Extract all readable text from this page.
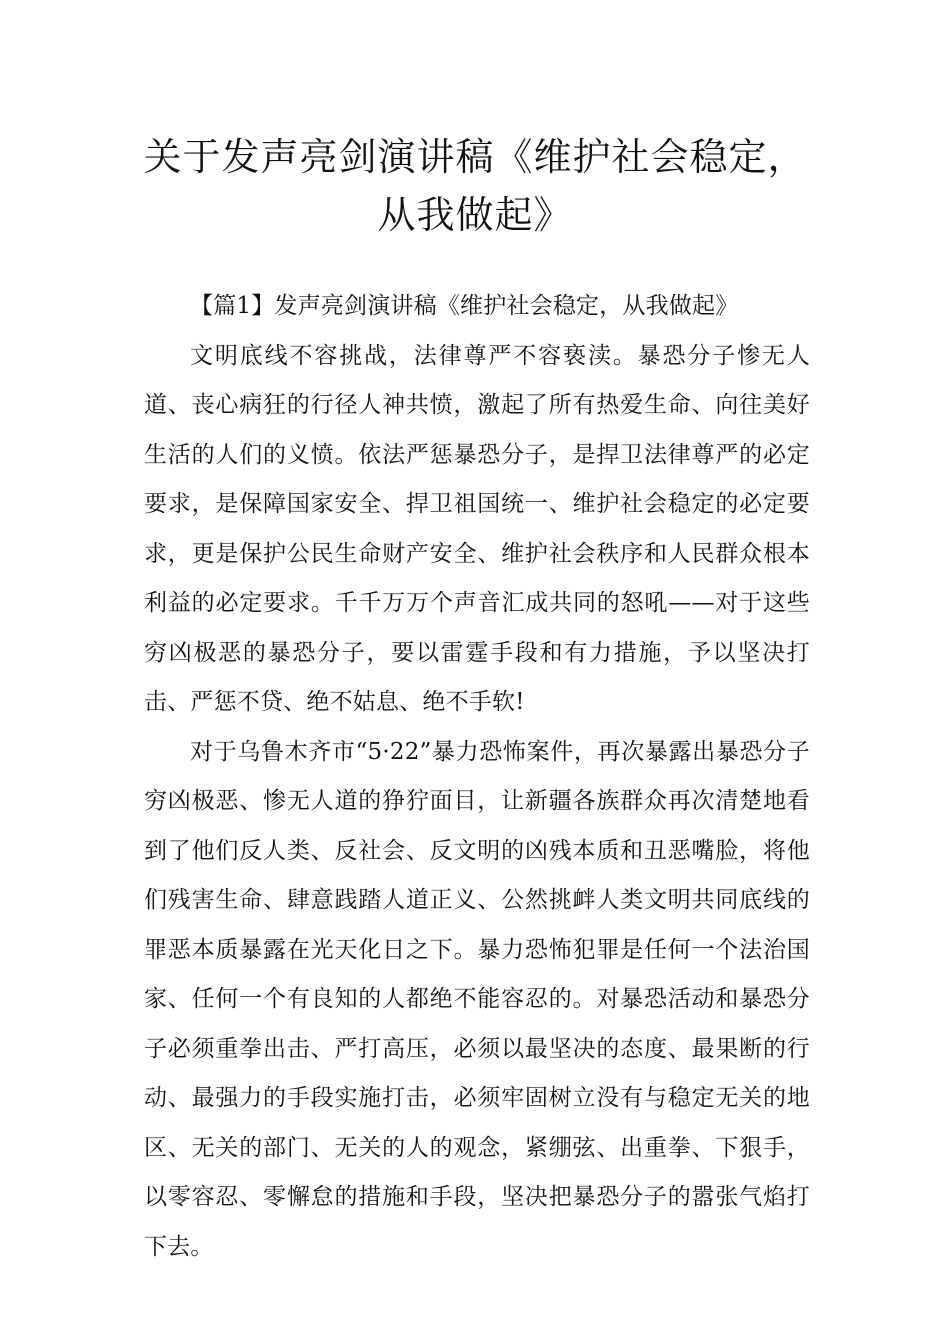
关于发声亮剑演讲稿《维护社会稳定，
从我做起》

【篇1】发声亮剑演讲稿《维护社会稳定，从我做起》

文明底线不容挑战，法律尊严不容亵渎。暴恐分子惨无人道、丧心病狂的行径人神共愤，激起了所有热爱生命、向往美好生活的人们的义愤。依法严惩暴恐分子，是捍卫法律尊严的必定要求，是保障国家安全、捍卫祖国统一、维护社会稳定的必定要求，更是保护公民生命财产安全、维护社会秩序和人民群众根本利益的必定要求。千千万万个声音汇成共同的怒吼——对于这些穷凶极恶的暴恐分子，要以雷霆手段和有力措施，予以坚决打击、严惩不贷、绝不姑息、绝不手软!

对于乌鲁木齐市“5·22”暴力恐怖案件，再次暴露出暴恐分子穷凶极恶、惨无人道的狰狞面目，让新疆各族群众再次清楚地看到了他们反人类、反社会、反文明的凶残本质和丑恶嘴脸，将他们残害生命、肆意践踏人道正义、公然挑衅人类文明共同底线的罪恶本质暴露在光天化日之下。暴力恐怖犯罪是任何一个法治国家、任何一个有良知的人都绝不能容忍的。对暴恐活动和暴恐分子必须重拳出击、严打高压，必须以最坚决的态度、最果断的行动、最强力的手段实施打击，必须牢固树立没有与稳定无关的地区、无关的部门、无关的人的观念，紧绷弦、出重拳、下狠手，以零容忍、零懈怠的措施和手段，坚决把暴恐分子的嚣张气焰打下去。
